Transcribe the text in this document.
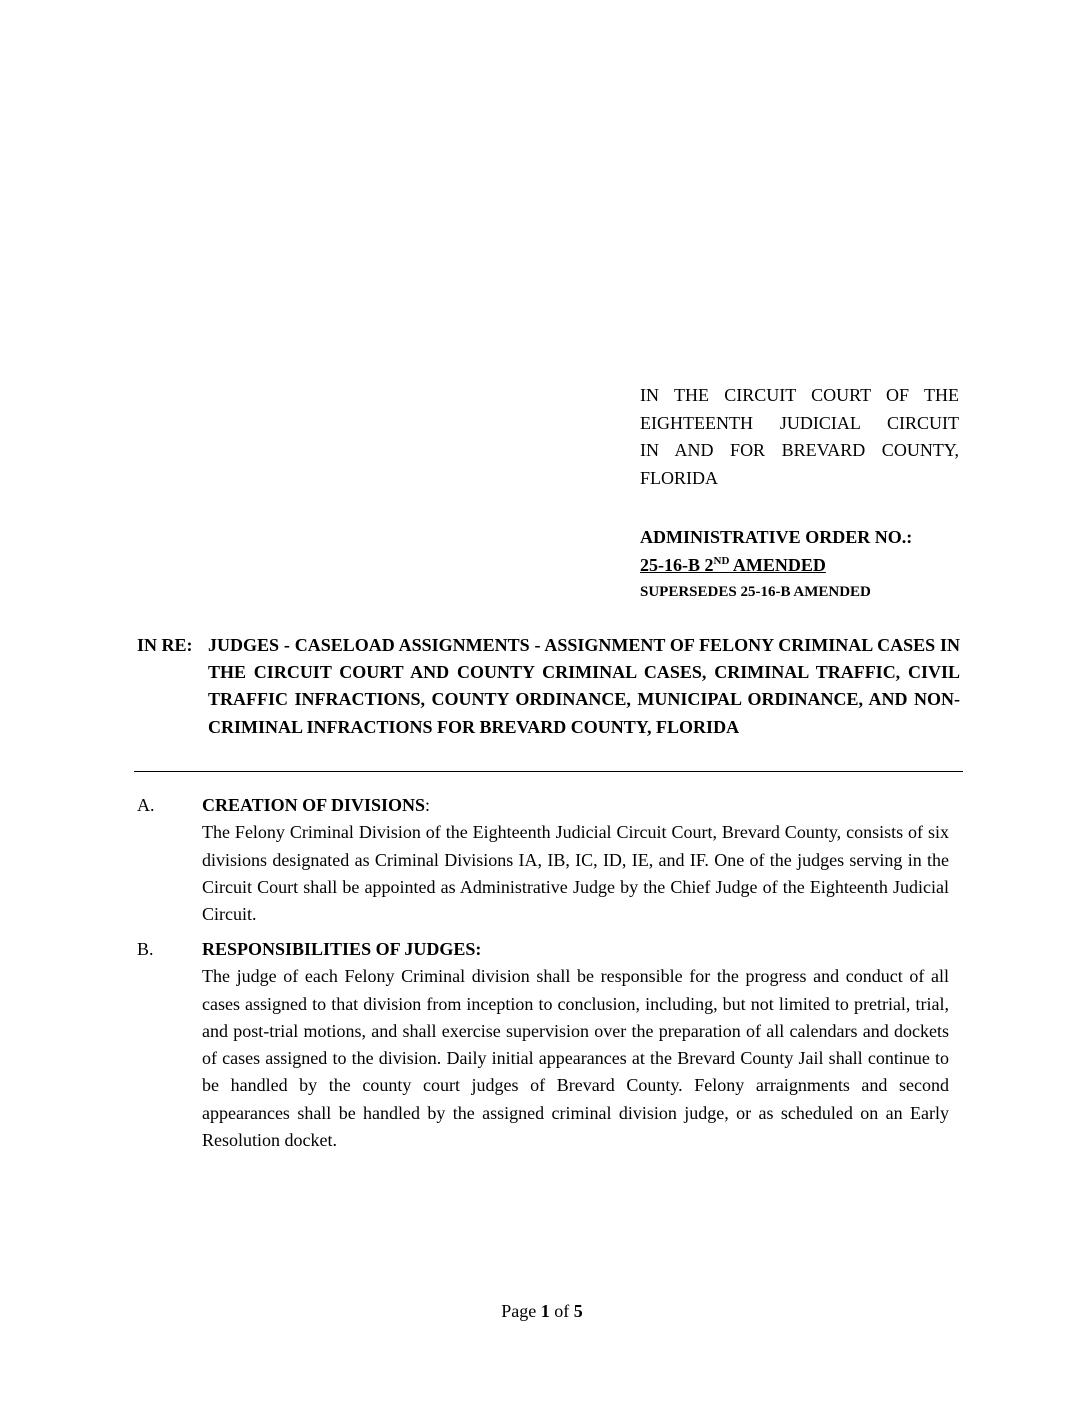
IN THE CIRCUIT COURT OF THE
EIGHTEENTH JUDICIAL CIRCUIT
IN AND FOR BREVARD COUNTY,
FLORIDA
ADMINISTRATIVE ORDER NO.:
25-16-B 2ND AMENDED
SUPERSEDES 25-16-B AMENDED
IN RE: JUDGES - CASELOAD ASSIGNMENTS - ASSIGNMENT OF FELONY CRIMINAL CASES IN THE CIRCUIT COURT AND COUNTY CRIMINAL CASES, CRIMINAL TRAFFIC, CIVIL TRAFFIC INFRACTIONS, COUNTY ORDINANCE, MUNICIPAL ORDINANCE, AND NON-CRIMINAL INFRACTIONS FOR BREVARD COUNTY, FLORIDA
A.	CREATION OF DIVISIONS:
The Felony Criminal Division of the Eighteenth Judicial Circuit Court, Brevard County, consists of six divisions designated as Criminal Divisions IA, IB, IC, ID, IE, and IF. One of the judges serving in the Circuit Court shall be appointed as Administrative Judge by the Chief Judge of the Eighteenth Judicial Circuit.
B.	RESPONSIBILITIES OF JUDGES:
The judge of each Felony Criminal division shall be responsible for the progress and conduct of all cases assigned to that division from inception to conclusion, including, but not limited to pretrial, trial, and post-trial motions, and shall exercise supervision over the preparation of all calendars and dockets of cases assigned to the division. Daily initial appearances at the Brevard County Jail shall continue to be handled by the county court judges of Brevard County. Felony arraignments and second appearances shall be handled by the assigned criminal division judge, or as scheduled on an Early Resolution docket.
Page 1 of 5
